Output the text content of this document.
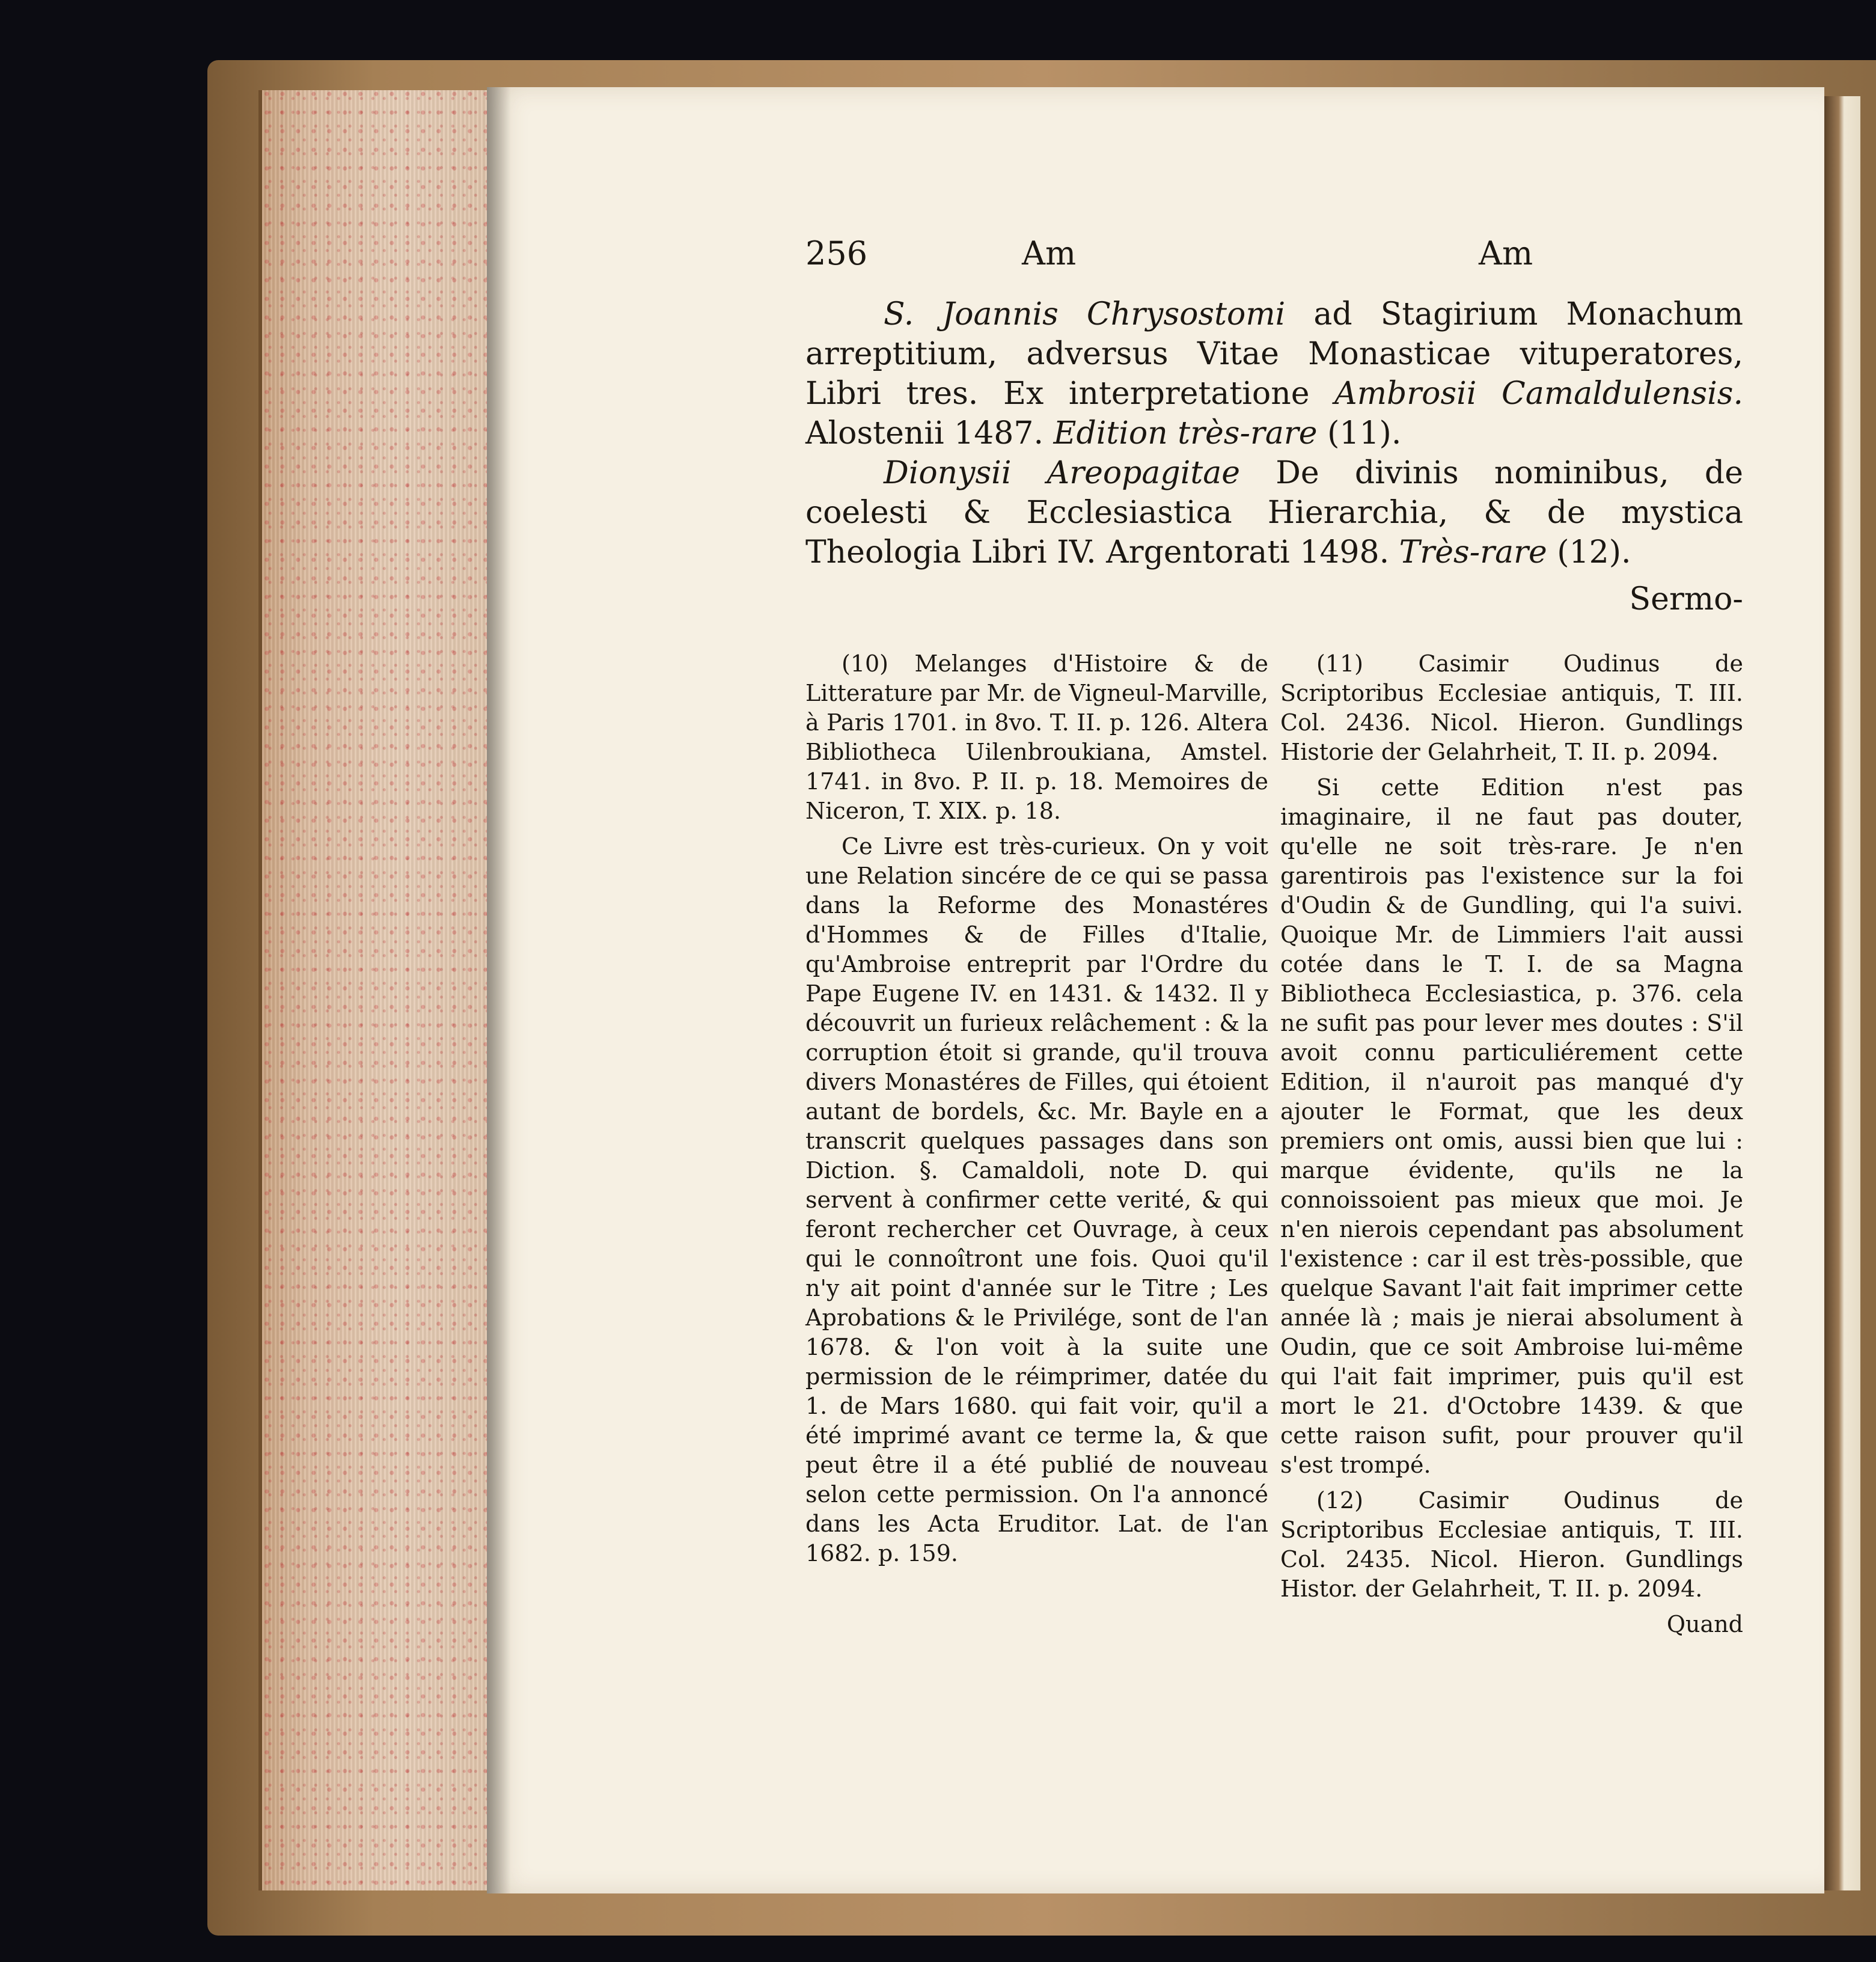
256	Am	Am

S. Joannis Chrysostomi ad Stagirium Monachum arreptitium, adversus Vitae Monasticae vituperatores, Libri tres. Ex interpretatione Ambrosii Camaldulensis. Alostenii 1487. Edition très-rare (11).

Dionysii Areopagitae De divinis nominibus, de coelesti & Ecclesiastica Hierarchia, & de mystica Theologia Libri IV. Argentorati 1498. Très-rare (12).

Sermo-

(10) Melanges d'Histoire & de Litterature par Mr. de Vigneul-Marville, à Paris 1701. in 8vo. T. II. p. 126. Altera Bibliotheca Uilenbroukiana, Amstel. 1741. in 8vo. P. II. p. 18. Memoires de Niceron, T. XIX. p. 18.

Ce Livre est très-curieux. On y voit une Relation sincére de ce qui se passa dans la Reforme des Monastéres d'Hommes & de Filles d'Italie, qu'Ambroise entreprit par l'Ordre du Pape Eugene IV. en 1431. & 1432. Il y découvrit un furieux relâchement : & la corruption étoit si grande, qu'il trouva divers Monastéres de Filles, qui étoient autant de bordels, &c. Mr. Bayle en a transcrit quelques passages dans son Diction. §. Camaldoli, note D. qui servent à confirmer cette verité, & qui feront rechercher cet Ouvrage, à ceux qui le connoîtront une fois. Quoi qu'il n'y ait point d'année sur le Titre ; Les Aprobations & le Privilége, sont de l'an 1678. & l'on voit à la suite une permission de le réimprimer, datée du 1. de Mars 1680. qui fait voir, qu'il a été imprimé avant ce terme la, & que peut être il a été publié de nouveau selon cette permission. On l'a annoncé dans les Acta Eruditor. Lat. de l'an 1682. p. 159.

(11) Casimir Oudinus de Scriptoribus Ecclesiae antiquis, T. III. Col. 2436. Nicol. Hieron. Gundlings Historie der Gelahrheit, T. II. p. 2094.

Si cette Edition n'est pas imaginaire, il ne faut pas douter, qu'elle ne soit très-rare. Je n'en garentirois pas l'existence sur la foi d'Oudin & de Gundling, qui l'a suivi. Quoique Mr. de Limmiers l'ait aussi cotée dans le T. I. de sa Magna Bibliotheca Ecclesiastica, p. 376. cela ne sufit pas pour lever mes doutes : S'il avoit connu particuliérement cette Edition, il n'auroit pas manqué d'y ajouter le Format, que les deux premiers ont omis, aussi bien que lui : marque évidente, qu'ils ne la connoissoient pas mieux que moi. Je n'en nierois cependant pas absolument l'existence : car il est très-possible, que quelque Savant l'ait fait imprimer cette année là ; mais je nierai absolument à Oudin, que ce soit Ambroise lui-même qui l'ait fait imprimer, puis qu'il est mort le 21. d'Octobre 1439. & que cette raison sufit, pour prouver qu'il s'est trompé.

(12) Casimir Oudinus de Scriptoribus Ecclesiae antiquis, T. III. Col. 2435. Nicol. Hieron. Gundlings Histor. der Gelahrheit, T. II. p. 2094.

Quand
